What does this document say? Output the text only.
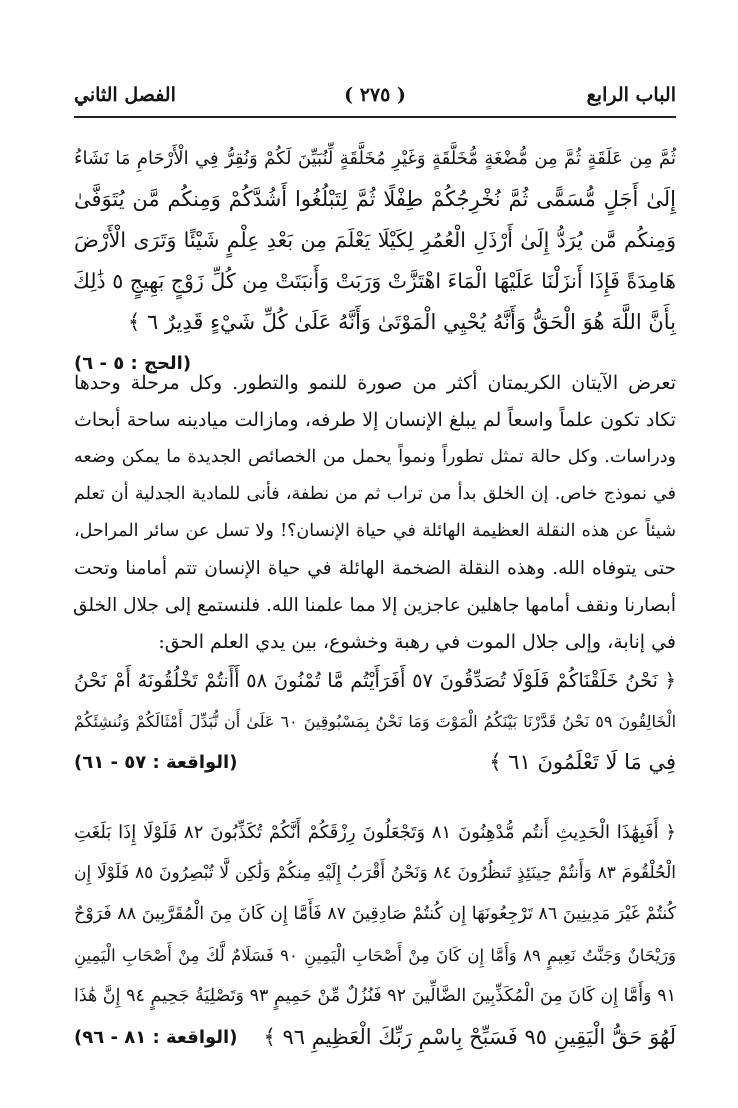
الباب الرابع
( ٢٧٥ )
الفصل الثاني
ثُمَّ مِن عَلَقَةٍ ثُمَّ مِن مُّضْغَةٍ مُّخَلَّقَةٍ وَغَيْرِ مُخَلَّقَةٍ لِّنُبَيِّنَ لَكُمْ وَنُقِرُّ فِي الْأَرْحَامِ مَا نَشَاءُ
إِلَىٰ أَجَلٍ مُّسَمًّى ثُمَّ نُخْرِجُكُمْ طِفْلًا ثُمَّ لِتَبْلُغُوا أَشُدَّكُمْ وَمِنكُم مَّن يُتَوَفَّىٰ
وَمِنكُم مَّن يُرَدُّ إِلَىٰ أَرْذَلِ الْعُمُرِ لِكَيْلَا يَعْلَمَ مِن بَعْدِ عِلْمٍ شَيْئًا وَتَرَى الْأَرْضَ
هَامِدَةً فَإِذَا أَنزَلْنَا عَلَيْهَا الْمَاءَ اهْتَزَّتْ وَرَبَتْ وَأَنبَتَتْ مِن كُلِّ زَوْجٍ بَهِيجٍ ٥ ذَٰلِكَ
بِأَنَّ اللَّهَ هُوَ الْحَقُّ وَأَنَّهُ يُحْيِي الْمَوْتَىٰ وَأَنَّهُ عَلَىٰ كُلِّ شَيْءٍ قَدِيرٌ ٦ ﴾
(الحج : ٥ - ٦)
تعرض الآيتان الكريمتان أكثر من صورة للنمو والتطور. وكل مرحلة وحدها
تكاد تكون علماً واسعاً لم يبلغ الإنسان إلا طرفه، ومازالت ميادينه ساحة أبحاث
ودراسات. وكل حالة تمثل تطوراً ونمواً يحمل من الخصائص الجديدة ما يمكن وضعه
في نموذج خاص. إن الخلق بدأ من تراب ثم من نطفة، فأنى للمادية الجدلية أن تعلم
شيئاً عن هذه النقلة العظيمة الهائلة في حياة الإنسان؟! ولا تسل عن سائر المراحل،
حتى يتوفاه الله. وهذه النقلة الضخمة الهائلة في حياة الإنسان تتم أمامنا وتحت
أبصارنا ونقف أمامها جاهلين عاجزين إلا مما علمنا الله. فلنستمع إلى جلال الخلق
في إنابة، وإلى جلال الموت في رهبة وخشوع، بين يدي العلم الحق:
﴿ نَحْنُ خَلَقْنَاكُمْ فَلَوْلَا تُصَدِّقُونَ ٥٧ أَفَرَأَيْتُم مَّا تُمْنُونَ ٥٨ أَأَنتُمْ تَخْلُقُونَهُ أَمْ نَحْنُ
الْخَالِقُونَ ٥٩ نَحْنُ قَدَّرْنَا بَيْنَكُمُ الْمَوْتَ وَمَا نَحْنُ بِمَسْبُوقِينَ ٦٠ عَلَىٰ أَن نُّبَدِّلَ أَمْثَالَكُمْ وَنُنشِئَكُمْ
فِي مَا لَا تَعْلَمُونَ ٦١ ﴾
(الواقعة : ٥٧ - ٦١)
﴿ أَفَبِهَٰذَا الْحَدِيثِ أَنتُم مُّدْهِنُونَ ٨١ وَتَجْعَلُونَ رِزْقَكُمْ أَنَّكُمْ تُكَذِّبُونَ ٨٢ فَلَوْلَا إِذَا بَلَغَتِ
الْحُلْقُومَ ٨٣ وَأَنتُمْ حِينَئِذٍ تَنظُرُونَ ٨٤ وَنَحْنُ أَقْرَبُ إِلَيْهِ مِنكُمْ وَلَٰكِن لَّا تُبْصِرُونَ ٨٥ فَلَوْلَا إِن
كُنتُمْ غَيْرَ مَدِينِينَ ٨٦ تَرْجِعُونَهَا إِن كُنتُمْ صَادِقِينَ ٨٧ فَأَمَّا إِن كَانَ مِنَ الْمُقَرَّبِينَ ٨٨ فَرَوْحٌ
وَرَيْحَانٌ وَجَنَّتُ نَعِيمٍ ٨٩ وَأَمَّا إِن كَانَ مِنْ أَصْحَابِ الْيَمِينِ ٩٠ فَسَلَامٌ لَّكَ مِنْ أَصْحَابِ الْيَمِينِ
٩١ وَأَمَّا إِن كَانَ مِنَ الْمُكَذِّبِينَ الضَّالِّينَ ٩٢ فَنُزُلٌ مِّنْ حَمِيمٍ ٩٣ وَتَصْلِيَةُ جَحِيمٍ ٩٤ إِنَّ هَٰذَا
لَهُوَ حَقُّ الْيَقِينِ ٩٥ فَسَبِّحْ بِاسْمِ رَبِّكَ الْعَظِيمِ ٩٦ ﴾
(الواقعة : ٨١ - ٩٦)
